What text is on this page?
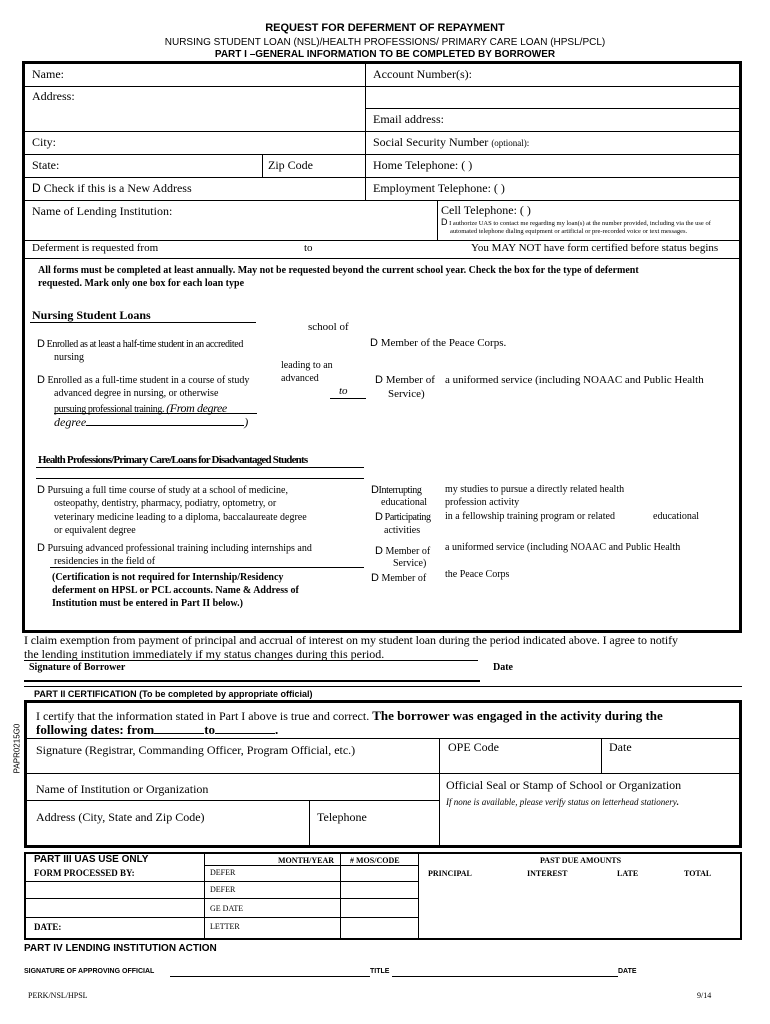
REQUEST FOR DEFERMENT OF REPAYMENT
NURSING STUDENT LOAN (NSL)/HEALTH PROFESSIONS/ PRIMARY CARE LOAN (HPSL/PCL)
PART I –GENERAL INFORMATION TO BE COMPLETED BY BORROWER
Name:	Account Number(s):
Address:
Email address:
City:	Social Security Number (optional):
State:	Zip Code	Home Telephone: ( )
D Check if this is a New Address	Employment Telephone: ( )
Name of Lending Institution:	Cell Telephone: ( )
D I authorize UAS to contact me regarding my loan(s) at the number provided, including via the use of
automated telephone dialing equipment or artificial or pre-recorded voice or text messages.
Deferment is requested from	to	You MAY NOT have form certified before status begins
All forms must be completed at least annually. May not be requested beyond the current school year. Check the box for the type of deferment
requested. Mark only one box for each loan type
Nursing Student Loans
school of
D Enrolled as at least a half-time student in an accredited
nursing
leading to an
advanced
to
D Enrolled as a full-time student in a course of study
advanced degree in nursing, or otherwise
pursuing professional training. (From degree
degree	)
D Member of the Peace Corps.
D Member of
Service)
a uniformed service (including NOAAC and Public Health
Health Professions/Primary Care/Loans for Disadvantaged Students
D Pursuing a full time course of study at a school of medicine,
osteopathy, dentistry, pharmacy, podiatry, optometry, or
veterinary medicine leading to a diploma, baccalaureate degree
or equivalent degree
D Pursuing advanced professional training including internships and
residencies in the field of
(Certification is not required for Internship/Residency
deferment on HPSL or PCL accounts. Name & Address of
Institution must be entered in Part II below.)
DInterrupting
educational
my studies to pursue a directly related health
profession activity
D Participating
activities
in a fellowship training program or related	educational
D Member of
Service)
a uniformed service (including NOAAC and Public Health
D Member of the Peace Corps
I claim exemption from payment of principal and accrual of interest on my student loan during the period indicated above. I agree to notify
the lending institution immediately if my status changes during this period.
Signature of Borrower	Date
PART II CERTIFICATION (To be completed by appropriate official)
PAPR0215G0
I certify that the information stated in Part I above is true and correct. The borrower was engaged in the activity during the
following dates: from	to	.
Signature (Registrar, Commanding Officer, Program Official, etc.)	OPE Code	Date
Name of Institution or Organization	Official Seal or Stamp of School or Organization
If none is available, please verify status on letterhead stationery.
Address (City, State and Zip Code)	Telephone
PART III UAS USE ONLY
FORM PROCESSED BY:
DATE:
MONTH/YEAR # MOS/CODE
DEFER
DEFER
GE DATE
LETTER
PAST DUE AMOUNTS
PRINCIPAL	INTEREST	LATE	TOTAL
PART IV LENDING INSTITUTION ACTION
SIGNATURE OF APPROVING OFFICIAL	TITLE	DATE
PERK/NSL/HPSL	9/14
